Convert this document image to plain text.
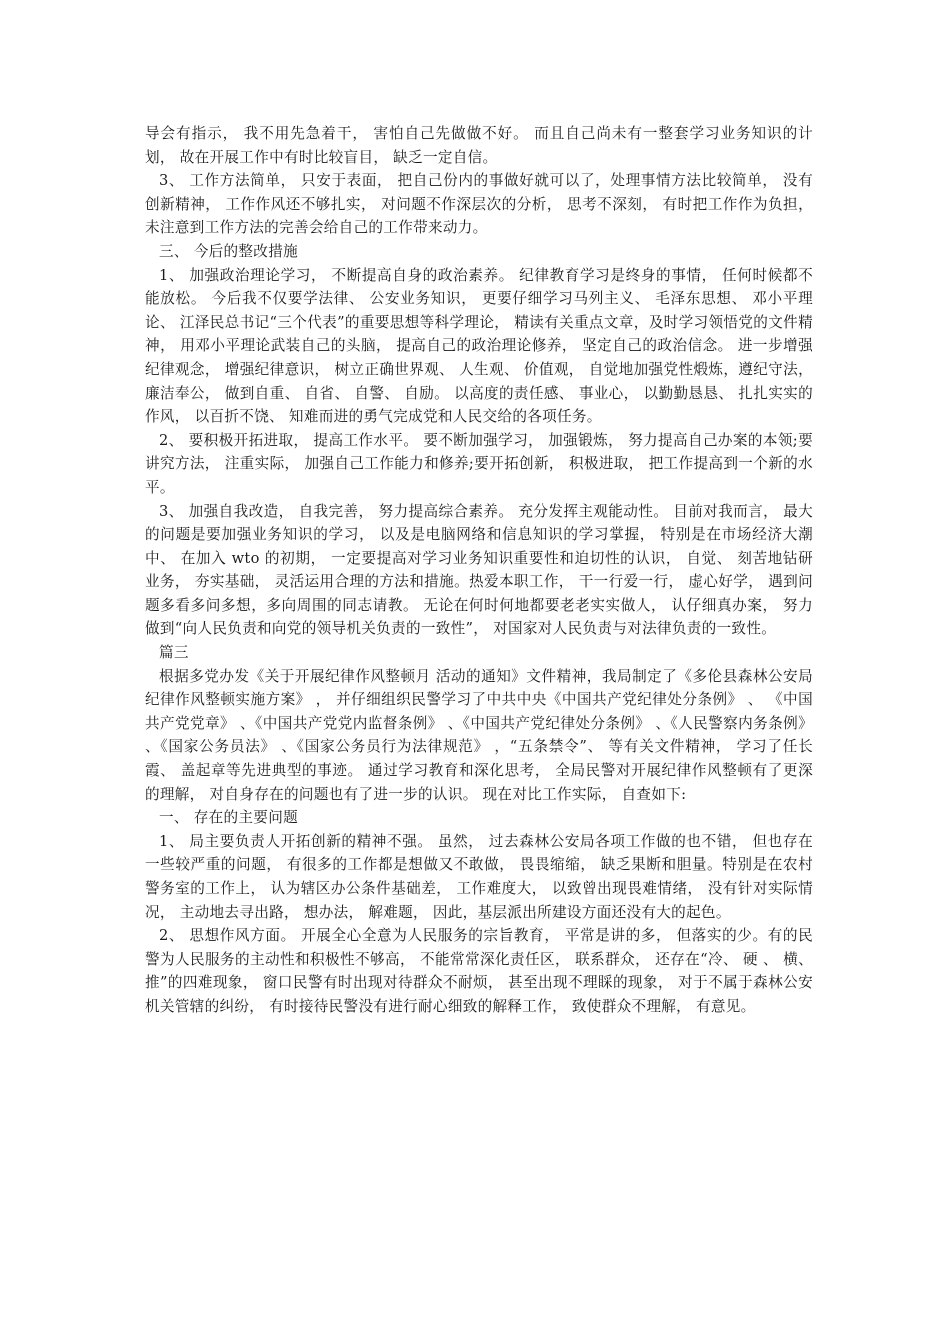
导会有指示， 我不用先急着干， 害怕自己先做做不好。 而且自己尚未有一整套学习业务知识的计划， 故在开展工作中有时比较盲目， 缺乏一定自信。

3、 工作方法简单， 只安于表面， 把自己份内的事做好就可以了，处理事情方法比较简单， 没有创新精神， 工作作风还不够扎实， 对问题不作深层次的分析， 思考不深刻， 有时把工作作为负担， 未注意到工作方法的完善会给自己的工作带来动力。

三、 今后的整改措施

1、 加强政治理论学习， 不断提高自身的政治素养。 纪律教育学习是终身的事情， 任何时候都不能放松。 今后我不仅要学法律、 公安业务知识， 更要仔细学习马列主义、 毛泽东思想、 邓小平理论、 江泽民总书记“三个代表”的重要思想等科学理论， 精读有关重点文章，及时学习领悟党的文件精神， 用邓小平理论武装自己的头脑， 提高自己的政治理论修养， 坚定自己的政治信念。 进一步增强纪律观念， 增强纪律意识， 树立正确世界观、 人生观、 价值观， 自觉地加强党性煅炼，遵纪守法， 廉洁奉公， 做到自重、 自省、 自警、 自励。 以高度的责任感、 事业心， 以勤勤恳恳、 扎扎实实的作风， 以百折不饶、 知难而进的勇气完成党和人民交给的各项任务。

2、 要积极开拓进取， 提高工作水平。 要不断加强学习， 加强锻炼， 努力提高自己办案的本领;要讲究方法， 注重实际， 加强自己工作能力和修养;要开拓创新， 积极进取， 把工作提高到一个新的水平。

3、 加强自我改造， 自我完善， 努力提高综合素养。 充分发挥主观能动性。 目前对我而言， 最大的问题是要加强业务知识的学习， 以及是电脑网络和信息知识的学习掌握， 特别是在市场经济大潮中、 在加入 wto 的初期， 一定要提高对学习业务知识重要性和迫切性的认识， 自觉、 刻苦地钻研业务， 夯实基础， 灵活运用合理的方法和措施。热爱本职工作， 干一行爱一行， 虚心好学， 遇到问题多看多问多想，多向周围的同志请教。 无论在何时何地都要老老实实做人， 认仔细真办案， 努力做到“向人民负责和向党的领导机关负责的一致性”， 对国家对人民负责与对法律负责的一致性。

篇三

根据多党办发《关于开展纪律作风整顿月 活动的通知》文件精神，我局制定了《多伦县森林公安局纪律作风整顿实施方案》 ， 并仔细组织民警学习了中共中央《中国共产党纪律处分条例》 、 《中国共产党党章》 、《中国共产党党内监督条例》 、《中国共产党纪律处分条例》 、《人民警察内务条例》 、《国家公务员法》 、《国家公务员行为法律规范》 ，“五条禁令”、 等有关文件精神， 学习了任长霞、 盖起章等先进典型的事迹。 通过学习教育和深化思考， 全局民警对开展纪律作风整顿有了更深的理解， 对自身存在的问题也有了进一步的认识。 现在对比工作实际， 自查如下:

一、 存在的主要问题

1、 局主要负责人开拓创新的精神不强。 虽然， 过去森林公安局各项工作做的也不错， 但也存在一些较严重的问题， 有很多的工作都是想做又不敢做， 畏畏缩缩， 缺乏果断和胆量。特别是在农村警务室的工作上， 认为辖区办公条件基础差， 工作难度大， 以致曾出现畏难情绪， 没有针对实际情况， 主动地去寻出路， 想办法， 解难题， 因此，基层派出所建设方面还没有大的起色。

2、 思想作风方面。 开展全心全意为人民服务的宗旨教育， 平常是讲的多， 但落实的少。有的民警为人民服务的主动性和积极性不够高， 不能常常深化责任区， 联系群众， 还存在“冷、 硬 、 横、 推”的四难现象， 窗口民警有时出现对待群众不耐烦， 甚至出现不理睬的现象， 对于不属于森林公安机关管辖的纠纷， 有时接待民警没有进行耐心细致的解释工作， 致使群众不理解， 有意见。
